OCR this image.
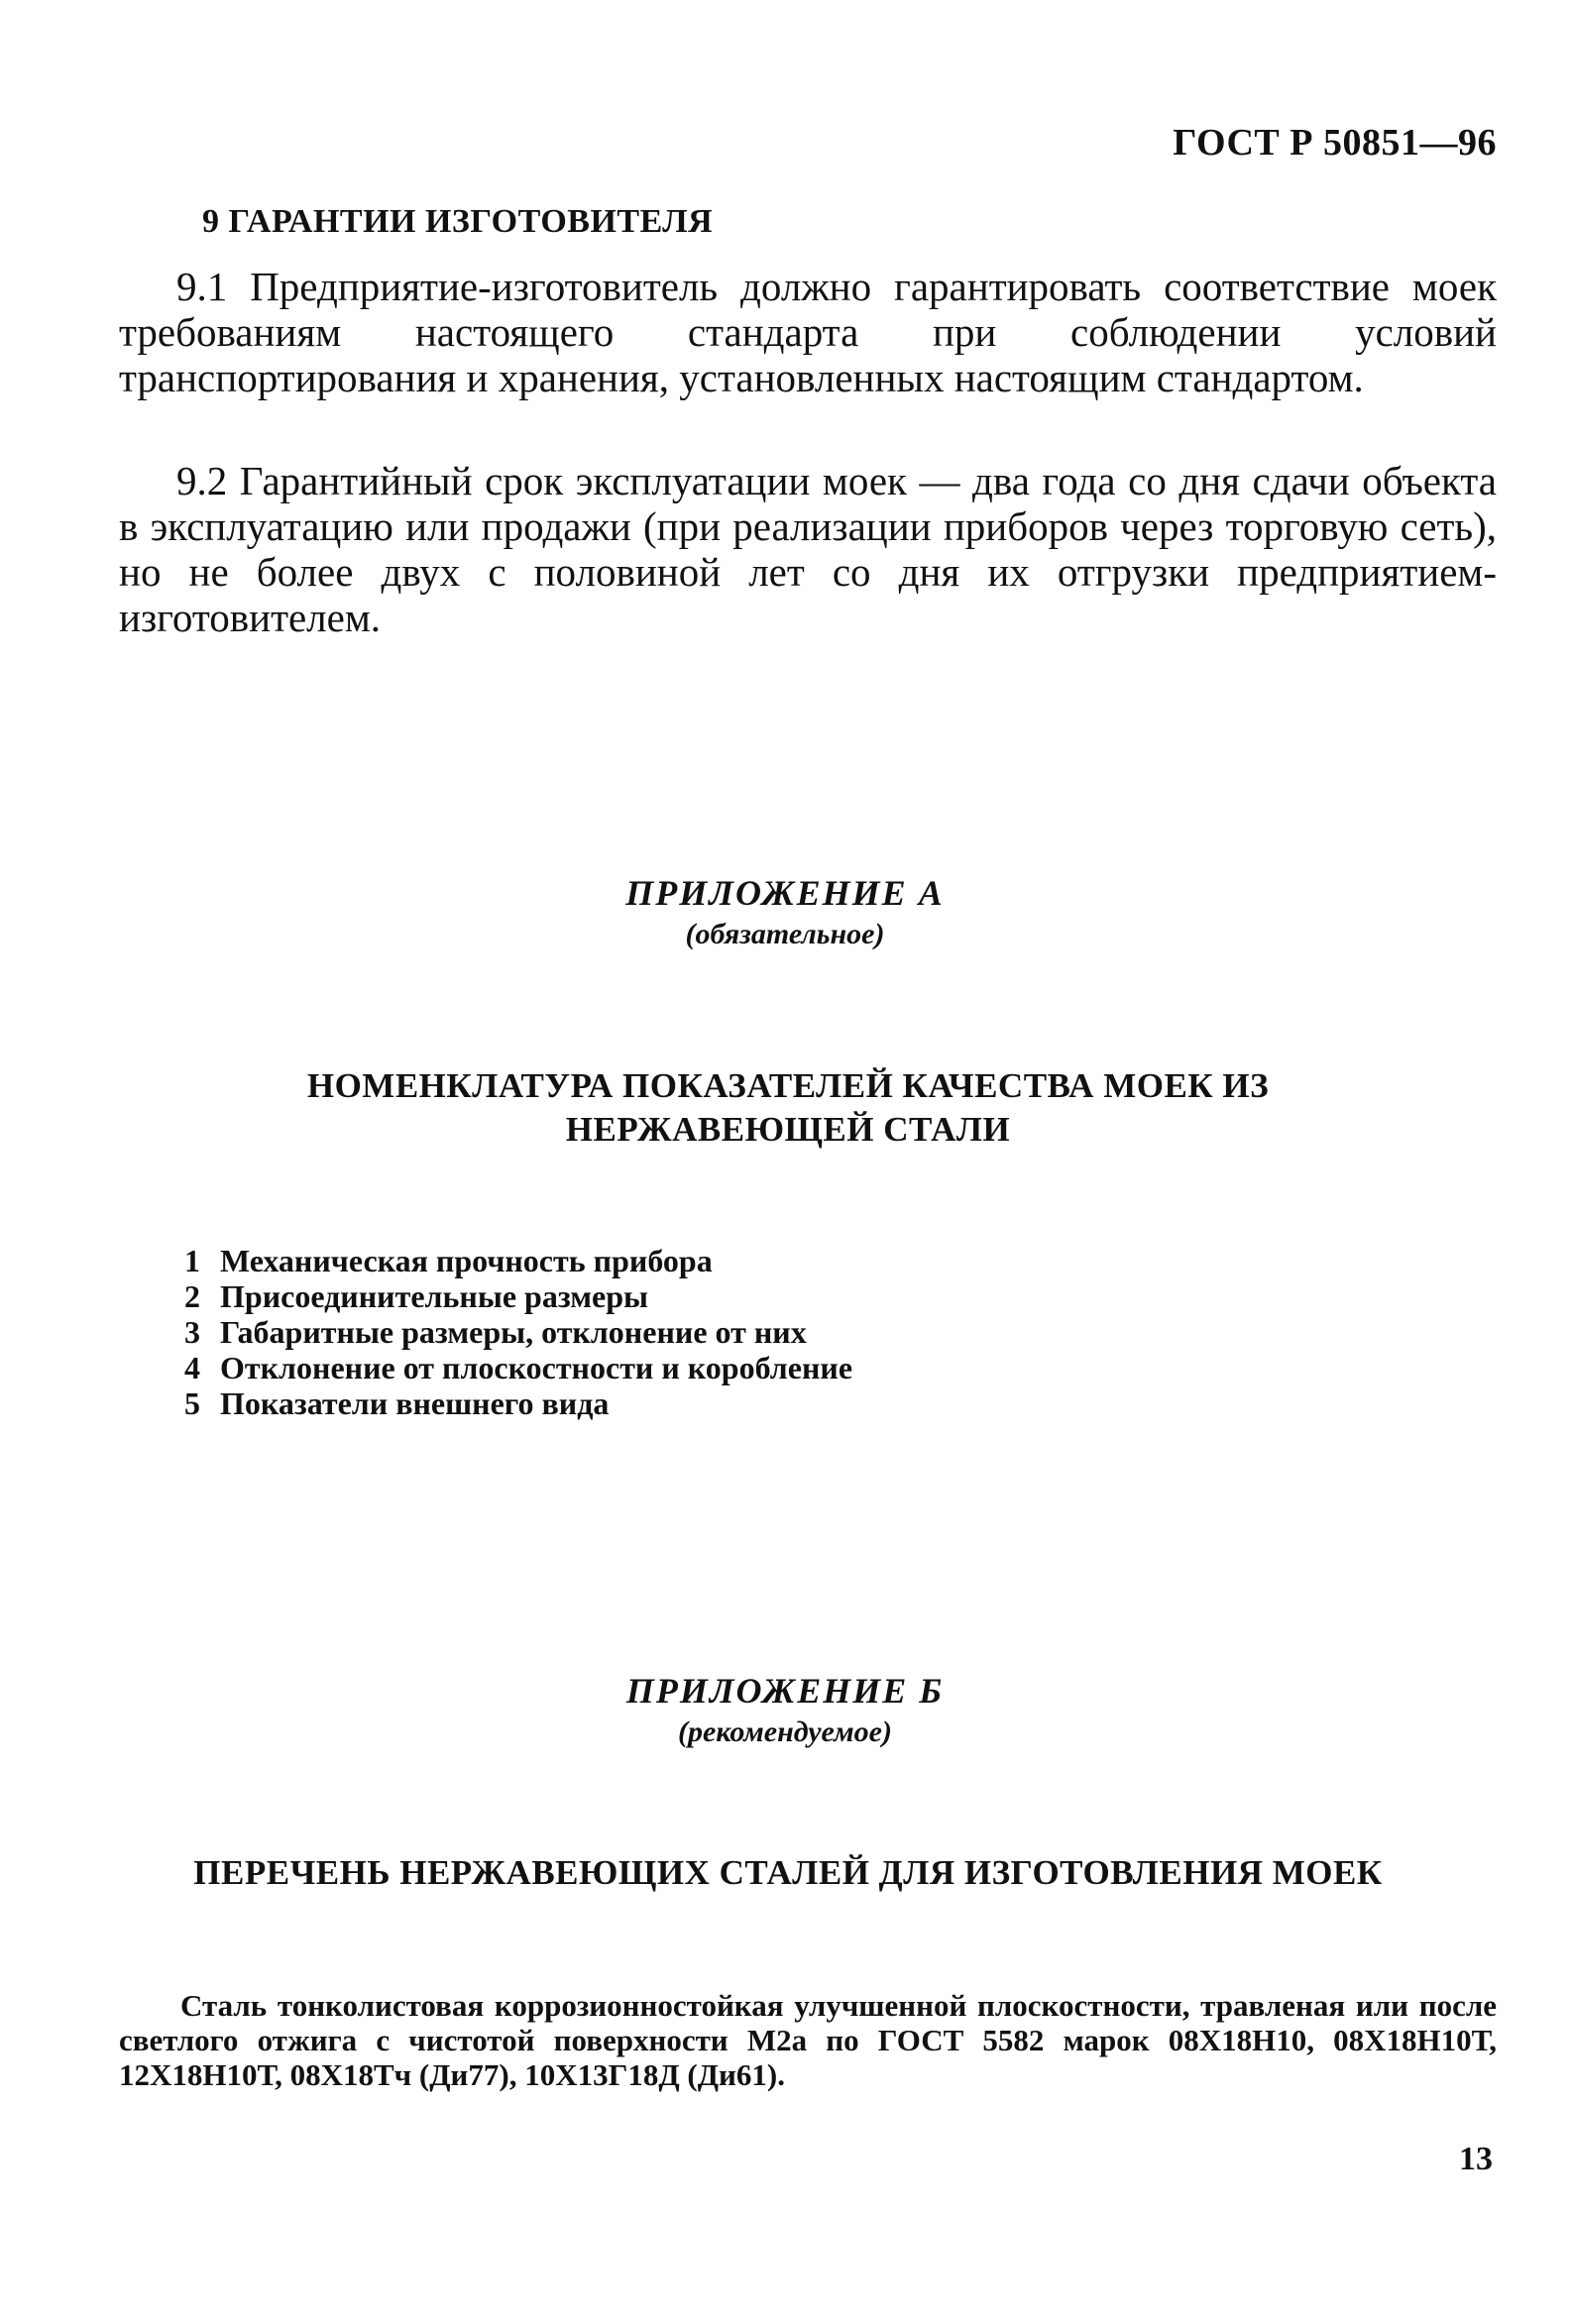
ГОСТ Р 50851—96
9 ГАРАНТИИ ИЗГОТОВИТЕЛЯ

9.1 Предприятие-изготовитель должно гарантировать соответствие моек требованиям настоящего стандарта при соблюдении условий транспортирования и хранения, установленных настоящим стандартом.

9.2 Гарантийный срок эксплуатации моек — два года со дня сдачи объекта в эксплуатацию или продажи (при реализации приборов через торговую сеть), но не более двух с половиной лет со дня их отгрузки предприятием-изготовителем.

ПРИЛОЖЕНИЕ А
(обязательное)
НОМЕНКЛАТУРА ПОКАЗАТЕЛЕЙ КАЧЕСТВА МОЕК ИЗ НЕРЖАВЕЮЩЕЙ СТАЛИ
1 Механическая прочность прибора
2 Присоединительные размеры
3 Габаритные размеры, отклонение от них
4 Отклонение от плоскостности и коробление
5 Показатели внешнего вида
ПРИЛОЖЕНИЕ Б
(рекомендуемое)
ПЕРЕЧЕНЬ НЕРЖАВЕЮЩИХ СТАЛЕЙ ДЛЯ ИЗГОТОВЛЕНИЯ МОЕК

Сталь тонколистовая коррозионностойкая улучшенной плоскостности, травленая или после светлого отжига с чистотой поверхности М2а по ГОСТ 5582 марок 08Х18Н10, 08Х18Н10Т, 12Х18Н10Т, 08Х18Тч (Ди77), 10Х13Г18Д (Ди61).

13
